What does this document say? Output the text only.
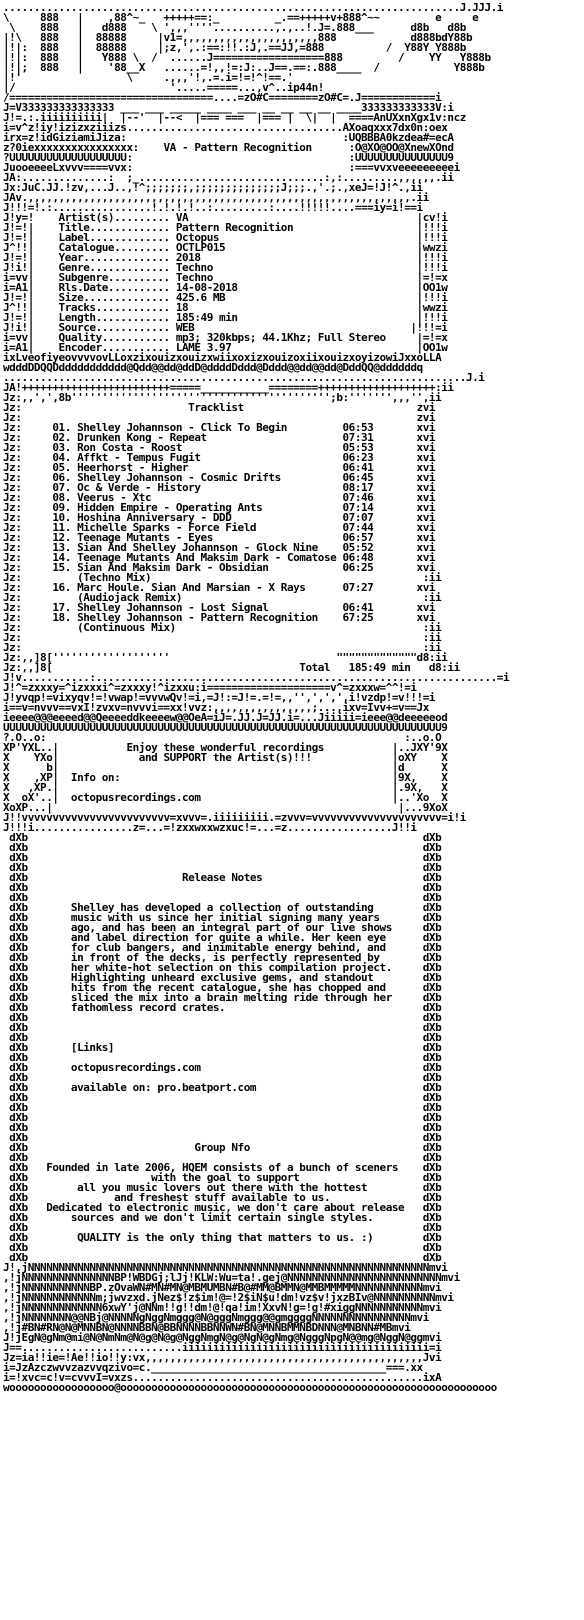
..........................................................................J.JJJ.i
\     888   |    ,88^~_   +++++==:_         _.==+++++v+888^~~         e     e
\    888   |   d888    \ ',,,''''..........,.,..!.J=.888___      d8b   d8b
|!\   888   |  88888     |v1=,,,,,,,,,,,,,,,,,,,,,,888            d888bdY88b
|!|:  888   |  88888     |;z,',.:==:!!.:J,.==JJ,=888          /  Y88Y Y888b
|!|:  888   |   Y888 \  /  ......J==================888         /    YY   Y888b
|!|;  888   |    '88__X   ......=!,,!=:J:..J==.==:.888____  /            Y888b
|!'                 \     .,,,'!,.=.i=!=!^!==.'
|/                         '.....=====...,v^..ip44n!
/=================================....=zO#C========zO#C=.J============i
J=V333333333333333 ___ ___ _____ ____ ___ __ __ __ __ ____333333333333V:i
J!=.:.iiiiiiiiii|  |--'  |--<  |=== ===  |=== |  \|  |  ====AnUXxnXgx1v:ncz
i=v^z!iy!izizxziiizs...................................AXoaqxxx7dx0n:oex
irx=z!idGiziamiJiza:                                   :UQBBBA0kzdea#=ecA
z?0iexxxxxxxxxxxxxxxx:    VA - Pattern Recognition      :O@XO@OO@XnewXOnd
?UUUUUUUUUUUUUUUUUUU:                                   :UUUUUUUUUUUUUUU9
JuooeeeeLxvvv====vvx:                                   :===vvxveeeeeeeeei
JA:..............:  ;_..............................:,:.........,,,,,,.ii
Jx:JuC.JJ.!zv,...J..,!^;;;;;;;,;;;;;;;;;;;;;;J;;;.,'.;.,xeJ=!J!^.,ii
JAv.,,,,,,,,,,,,,,,,,,,,,,,,,,,,,,,,,,,,,,,,,,,,,,,,,,,,,,,,,,,,,,.ii
J!!!=!.:................!.!.!.!..:.........:....!!!!!....===iy=i!==i
J!y=!    Artist(s)......... VA                                     |cv!i
J!=!|    Title............. Pattern Recognition                    |!!!i
J!=!|    Label............. Octopus                                |!!!i
J^!!|    Catalogue......... OCTLP015                               |wwzi
J!=!|    Year.............. 2018                                   |!!!i
J!i!|    Genre............. Techno                                 |!!!i
i=vv|    Subgenre.......... Techno                                 |=!=x
i=A1|    Rls.Date.......... 14-08-2018                             |OO1w
J!=!|    Size.............. 425.6 MB                               |!!!i
J^!!|    Tracks............ 18                                     |wwzi
J!=!|    Length............ 185:49 min                             |!!!i
J!i!|    Source............ WEB                                   |!!!=i
i=vv|    Quality........... mp3; 320kbps; 44.1Khz; Full Stereo     |=!=x
i=A1|    Encoder........... LAME 3.97                              |OO1w
ixLveofiyeovvvvovLLoxzixouizxouizxwiixoxizxouizoxiixouizxoyizowiJxxoLLA
wdddDDQQDddddddddddd@Qdd@@dd@ddD@ddddDddd@Dddd@@dd@@dd@DddQQ@ddddddq
...........................................................................J.i
JA!++++++++++++++++++++++++=====___________========+++++++++++++++++++:ii
Jz:,,',',8b'''''''''''''''''''''''''''''''''''''''''';b:''''''',,,'',ii
Jz:                           Tracklist                            zvi
Jz:                                                                zvi
Jz:     01. Shelley Johannson - Click To Begin         06:53       xvi
Jz:     02. Drunken Kong - Repeat                      07:31       xvi
Jz:     03. Ron Costa - Roost                          05:53       xvi
Jz:     04. Affkt - Tempus Fugit                       06:23       xvi
Jz:     05. Heerhorst - Higher                         06:41       xvi
Jz:     06. Shelley Johannson - Cosmic Drifts          06:45       xvi
Jz:     07. Oc & Verde - History                       08:17       xvi
Jz:     08. Veerus - Xtc                               07:46       xvi
Jz:     09. Hidden Empire - Operating Ants             07:14       xvi
Jz:     10. Hoshina Anniversary - DDD                  07:07       xvi
Jz:     11. Michelle Sparks - Force Field              07:44       xvi
Jz:     12. Teenage Mutants - Eyes                     06:57       xvi
Jz:     13. Sian And Shelley Johannson - Glock Nine    05:52       xvi
Jz:     14. Teenage Mutants And Maksim Dark - Comatose 06:48       xvi
Jz:     15. Sian And Maksim Dark - Obsidian            06:25       xvi
Jz:         (Techno Mix)                                            :ii
Jz:     16. Marc Houle. Sian And Marsian - X Rays      07:27       xvi
Jz:         (Audiojack Remix)                                       :ii
Jz:     17. Shelley Johannson - Lost Signal            06:41       xvi
Jz:     18. Shelley Johannson - Pattern Recognition    67:25       xvi
Jz:         (Continuous Mix)                                        :ii
Jz:                                                                 :ii
Jz:                                                                 :ii
Jz:,,]8['''''''''''''''''''                           """""""""""""d8:ii
Jz:,,]8[                                        Total   185:49 min   d8:ii
J!v...........:.................................................................=i
J!^=zxxxy=^izxxxi^=zxxxy!^izxxu:i====================v^=zxxxw=^^!=i
J!yvqp!=vixyqv!=!vwap!=vvvwQv!=i,=J!:=J!=.=!=,,'',',',',i!vzdp!=v!!!=i
i==v=nvvv==vxI!zvxv=nvvvi==xx!vvz:,,,,,,,,,,,,,,,,;...,ixv=Ivv+=v==Jx
ieeee@@@eeeed@@Qeeeeddkeeeew@@OeA=iJ=.JJ.J=JJ.i=...Jiiiii=ieee@@deeeeeod
UUUUUUUUUUUUUUUUUUUUUUUUUUUUUUUUUUUUUUUUUUUUUUUUUUUUUUUUUUUUUUUUUUUUUUU9
?.O..o:                                                          :..o.O
XP'YXL..|           Enjoy these wonderful recordings           |..JXY'9X
X    YXo|             and SUPPORT the Artist(s)!!!             |oXY    X
X      b|                                                      |d      X
X    ,XP|  Info on:                                            |9X,    X
X   ,XP.|                                                      |.9X,   X
X  oX'..|  octopusrecordings.com                               |..'Xo  X
XoXP...|                                                        |...9XoX
J!!vvvvvvvvvvvvvvvvvvvvvvvv=xvvv=.iiiiiiiii.=zvvv=vvvvvvvvvvvvvvvvvvvvv=i!i
J!!!i................z=...=!zxxwxxwzxuc!=...=z.................J!!i
dXb                                                                dXb
dXb                                                                dXb
dXb                                                                dXb
dXb                                                                dXb
dXb                         Release Notes                          dXb
dXb                                                                dXb
dXb                                                                dXb
dXb       Shelley has developed a collection of outstanding        dXb
dXb       music with us since her initial signing many years       dXb
dXb       ago, and has been an integral part of our live shows     dXb
dXb       and label direction for quite a while. Her keen eye      dXb
dXb       for club bangers, and inimitable energy behind, and      dXb
dXb       in front of the decks, is perfectly represented by       dXb
dXb       her white-hot selection on this compilation project.     dXb
dXb       Highlighting unheard exclusive gems, and standout        dXb
dXb       hits from the recent catalogue, she has chopped and      dXb
dXb       sliced the mix into a brain melting ride through her     dXb
dXb       fathomless record crates.                                dXb
dXb                                                                dXb
dXb                                                                dXb
dXb                                                                dXb
dXb       [Links]                                                  dXb
dXb                                                                dXb
dXb       octopusrecordings.com                                    dXb
dXb                                                                dXb
dXb       available on: pro.beatport.com                           dXb
dXb                                                                dXb
dXb                                                                dXb
dXb                                                                dXb
dXb                                                                dXb
dXb                                                                dXb
dXb                           Group Nfo                            dXb
dXb                                                                dXb
dXb   Founded in late 2006, HQEM consists of a bunch of sceners    dXb
dXb                    with the goal to support                    dXb
dXb        all you music lovers out there with the hottest         dXb
dXb              and freshest stuff available to us.               dXb
dXb   Dedicated to electronic music, we don't care about release   dXb
dXb       sources and we don't limit certain single styles.        dXb
dXb                                                                dXb
dXb        QUALITY is the only thing that matters to us. :)        dXb
dXb                                                                dXb
dXb                                                                dXb
J!,jNNNNNNNNNNNNNNNNNNNNNNNNNNNNNNNNNNNNNNNNNNNNNNNNNNNNNNNNNNNNNNNNNmvi
,!jNNNNNNNNNNNNNNNBP!WBDGj;lJj!KLW:Wu=ta!.gej@NNNNNNNNNNNNNNNNNNNNNNNNNmvi
,!jNNNNNNNNNNNBP.zOvaWN#MN#MN@MBMUMBN#B@#MM@BMMN@MMBMMMMMNNNNNNNNNNNmvi
,!jNNNNNNNNNNNNm;jwvzxd.jNez$!z$im!@=!2$iN$u!dm!vz$v!jxzBIv@NNNNNNNNNNmvi
,!jNNNNNNNNNNNNN6xwY'j@NNm!!g!!dm!@!qa!im!XxvN!g=!g!#xiggNNNNNNNNNNNmvi
,!jNNNNNNNN@@NBj@NNNNNgNggNmggg@N@gggNmggg@@gmggggNNNNNNNNNNNNNNNNmvi
,!j#BN#RN@N@MNNBN@NNNNBBN@BBNNNNBBNNWN#BN@MNNBMMNBDNNN@MNBNN#MBmvi
J!jEgN@gNm@mi@N@NmNm@N@g@N@g@NggNmgN@g@NgN@gNmg@NgggNpgN@@mg@NggN@ggmvi
J==..........................iiiiiiiiiiiiiiiiiiiiiiiiiiiiiiiiiiiiiiii=i
Jz=ia!!ie=!Ae!!io!!y:vx,,,,,,,,,,,,,,,,,,,,,,,,,,,,,,,,,,,,,,,,,,,,,Jvi
i=JzAzczwvvzazvvqzivo=c.______________________________________===.xx
i=!xvc=c!v=cvvvI=vxzs...............................................ixA
wooooooooooooooooo@ooooooooooooooooooooooooooooooooooooooooooooooooooooooooooooo
